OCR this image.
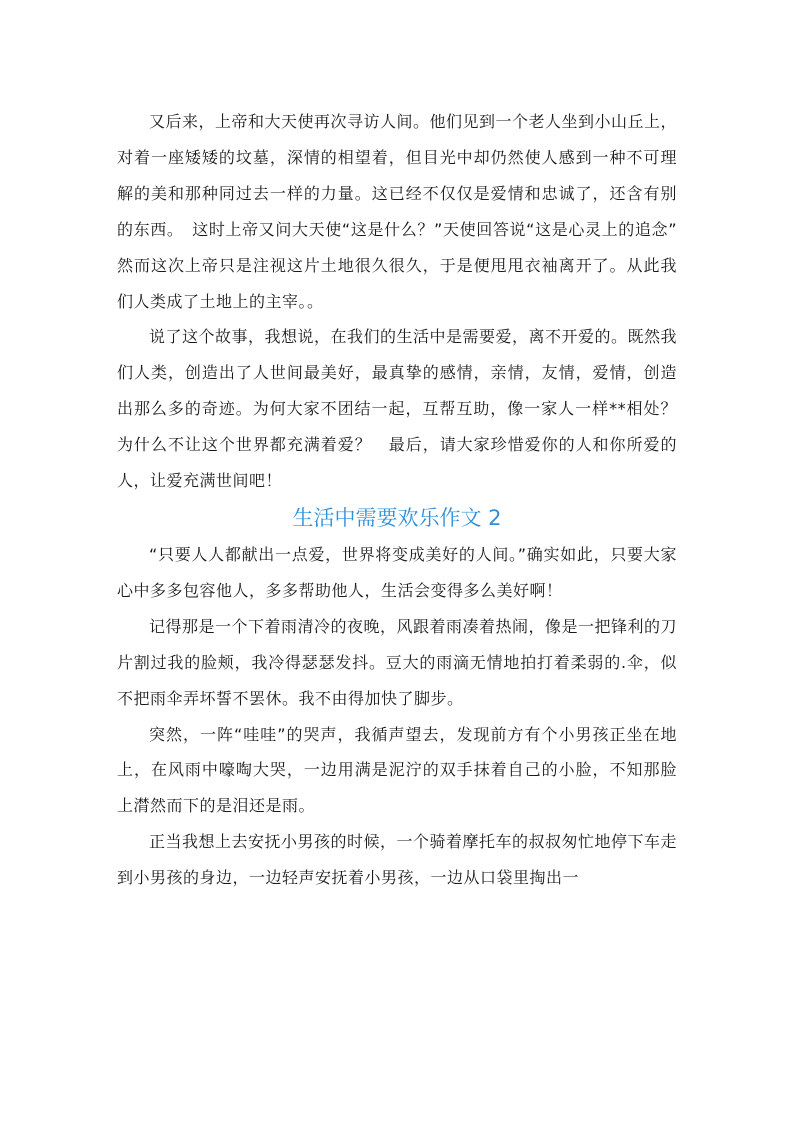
又后来，上帝和大天使再次寻访人间。他们见到一个老人坐到小山丘上，对着一座矮矮的坟墓，深情的相望着，但目光中却仍然使人感到一种不可理解的美和那种同过去一样的力量。这已经不仅仅是爱情和忠诚了，还含有别的东西。　这时上帝又问大天使“这是什么？”天使回答说“这是心灵上的追念”　然而这次上帝只是注视这片土地很久很久，于是便甩甩衣袖离开了。从此我们人类成了土地上的主宰。。

说了这个故事，我想说，在我们的生活中是需要爱，离不开爱的。既然我们人类，创造出了人世间最美好，最真挚的感情，亲情，友情，爱情，创造出那么多的奇迹。为何大家不团结一起，互帮互助，像一家人一样**相处？为什么不让这个世界都充满着爱？　最后，请大家珍惜爱你的人和你所爱的人，让爱充满世间吧！

生活中需要欢乐作文 2

“只要人人都献出一点爱，世界将变成美好的人间。”确实如此，只要大家心中多多包容他人，多多帮助他人，生活会变得多么美好啊！

记得那是一个下着雨清冷的夜晚，风跟着雨凑着热闹，像是一把锋利的刀片割过我的脸颊，我冷得瑟瑟发抖。豆大的雨滴无情地拍打着柔弱的.伞，似不把雨伞弄坏誓不罢休。我不由得加快了脚步。

突然，一阵“哇哇”的哭声，我循声望去，发现前方有个小男孩正坐在地上，在风雨中嚎啕大哭，一边用满是泥泞的双手抹着自己的小脸，不知那脸上潸然而下的是泪还是雨。

正当我想上去安抚小男孩的时候，一个骑着摩托车的叔叔匆忙地停下车走到小男孩的身边，一边轻声安抚着小男孩，一边从口袋里掏出一
